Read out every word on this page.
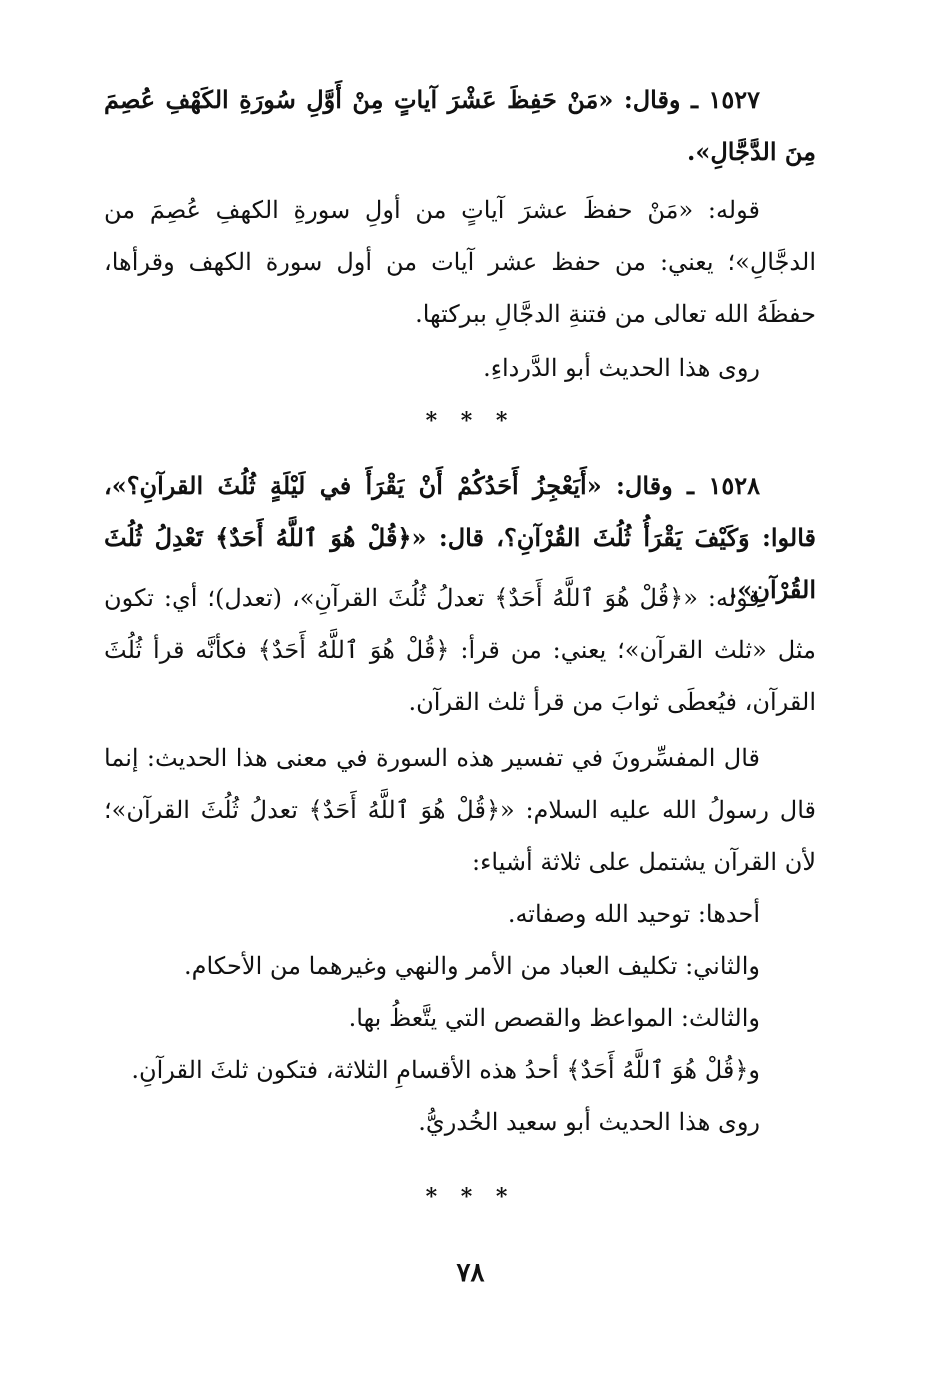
١٥٢٧ ـ وقال: «مَنْ حَفِظَ عَشْرَ آياتٍ مِنْ أَوَّلِ سُورَةِ الكَهْفِ عُصِمَ مِنَ الدَّجَّالِ».

قوله: «مَنْ حفظَ عشرَ آياتٍ من أولِ سورةِ الكهفِ عُصِمَ من الدجَّالِ»؛ يعني: من حفظ عشر آيات من أول سورة الكهف وقرأها، حفظَهُ الله تعالى من فتنةِ الدجَّالِ ببركتها.

روى هذا الحديث أبو الدَّرداءِ.

* * *

١٥٢٨ ـ وقال: «أَيَعْجِزُ أَحَدُكُمْ أَنْ يَقْرَأَ في لَيْلَةٍ ثُلُثَ القرآنِ؟»، قالوا: وَكَيْفَ يَقْرَأُ ثُلُثَ القُرْآنِ؟، قال: «﴿قُلْ هُوَ ٱللَّهُ أَحَدٌ﴾ تَعْدِلُ ثُلُثَ القُرْآنِ».

قوله: «﴿قُلْ هُوَ ٱللَّهُ أَحَدٌ﴾ تعدلُ ثُلُثَ القرآنِ»، (تعدل)؛ أي: تكون مثل «ثلث القرآن»؛ يعني: من قرأ: ﴿قُلْ هُوَ ٱللَّهُ أَحَدٌ﴾ فكأنَّه قرأ ثُلُثَ القرآن، فيُعطَى ثوابَ من قرأ ثلث القرآن.

قال المفسِّرونَ في تفسير هذه السورة في معنى هذا الحديث: إنما قال رسولُ الله عليه السلام: «﴿قُلْ هُوَ ٱللَّهُ أَحَدٌ﴾ تعدلُ ثُلُثَ القرآن»؛ لأن القرآن يشتمل على ثلاثة أشياء:

أحدها: توحيد الله وصفاته.

والثاني: تكليف العباد من الأمر والنهي وغيرهما من الأحكام.

والثالث: المواعظ والقصص التي يتَّعظُ بها.

و﴿قُلْ هُوَ ٱللَّهُ أَحَدٌ﴾ أحدُ هذه الأقسامِ الثلاثة، فتكون ثلثَ القرآنِ.

روى هذا الحديث أبو سعيد الخُدريُّ.

* * *
٧٨
